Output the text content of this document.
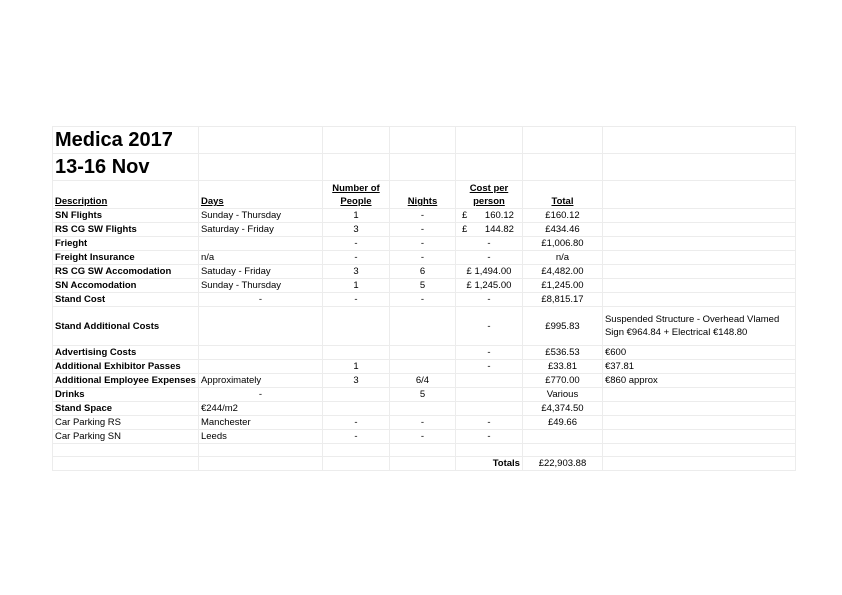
Medica 2017						
13-16 Nov						
Description	Days	Number of People	Nights	Cost per person	Total	
SN Flights	Sunday - Thursday	1	-	£ 160.12	£160.12	
RS CG SW Flights	Saturday - Friday	3	-	£ 144.82	£434.46	
Frieght		-	-	-	£1,006.80	
Freight Insurance	n/a	-	-	-	n/a	
RS CG SW Accomodation	Satuday - Friday	3	6	£ 1,494.00	£4,482.00	
SN Accomodation	Sunday - Thursday	1	5	£ 1,245.00	£1,245.00	
Stand Cost	-	-	-	-	£8,815.17	
Stand Additional Costs				-	£995.83	Suspended Structure - Overhead Vlamed Sign €964.84 + Electrical €148.80
Advertising Costs				-	£536.53	€600
Additional Exhibitor Passes		1		-	£33.81	€37.81
Additional Employee Expenses	Approximately	3	6/4		£770.00	€860 approx
Drinks	-		5		Various	
Stand Space	€244/m2				£4,374.50	
Car Parking RS	Manchester	-	-	-	£49.66	
Car Parking SN	Leeds	-	-	-		

				Totals	£22,903.88	
